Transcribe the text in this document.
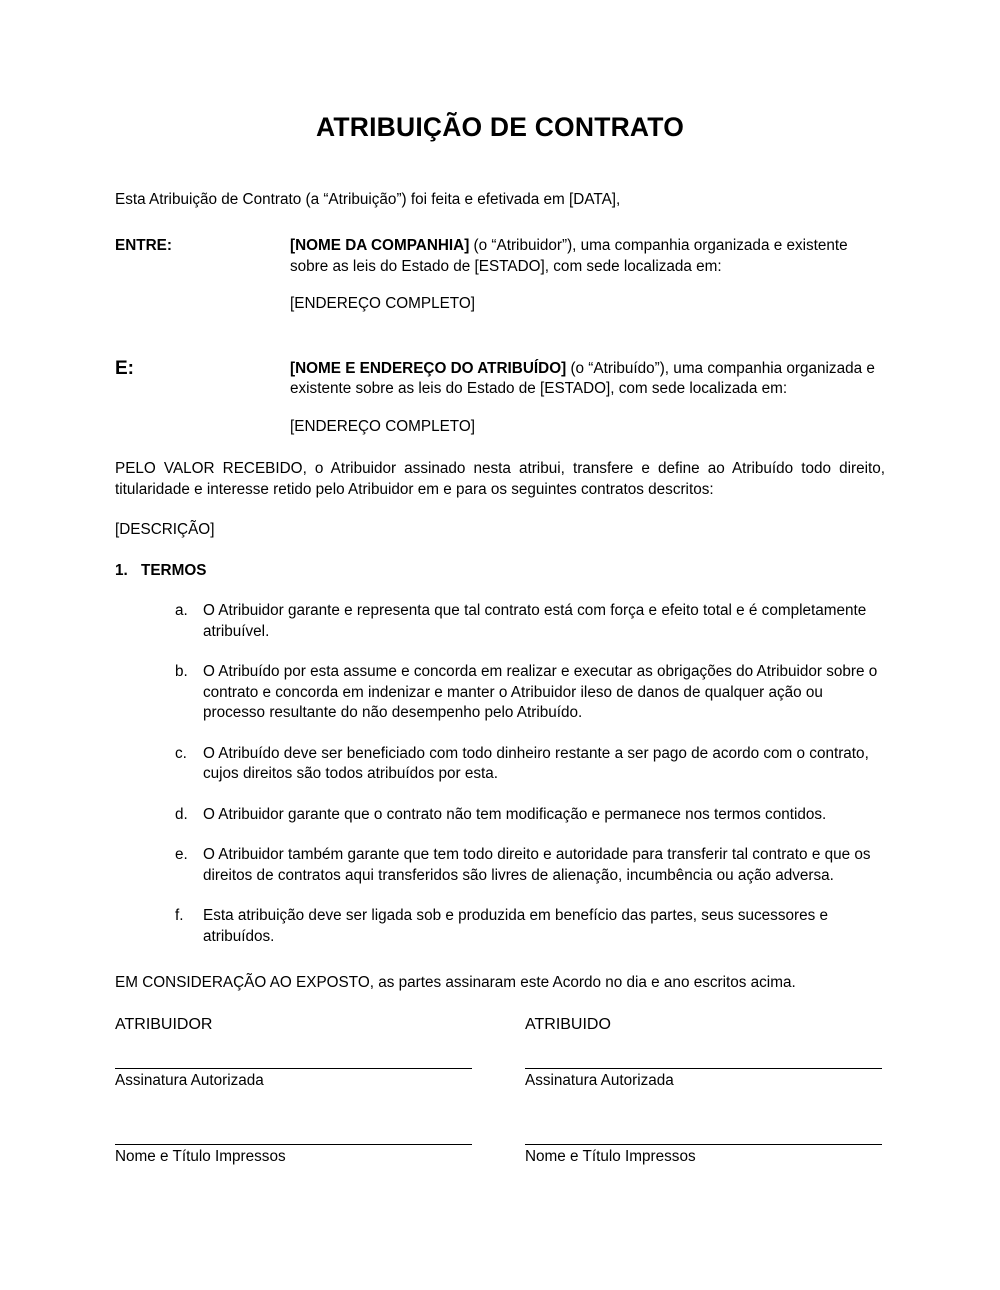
ATRIBUIÇÃO DE CONTRATO
Esta Atribuição de Contrato (a “Atribuição”) foi feita e efetivada em [DATA],
ENTRE:	[NOME DA COMPANHIA] (o “Atribuidor”), uma companhia organizada e existente sobre as leis do Estado de [ESTADO], com sede localizada em:
[ENDEREÇO COMPLETO]
E:	[NOME E ENDEREÇO DO ATRIBUÍDO] (o “Atribuído”), uma companhia organizada e existente sobre as leis do Estado de [ESTADO], com sede localizada em:
[ENDEREÇO COMPLETO]
PELO VALOR RECEBIDO, o Atribuidor assinado nesta atribui, transfere e define ao Atribuído todo direito, titularidade e interesse retido pelo Atribuidor em e para os seguintes contratos descritos:
[DESCRIÇÃO]
1. TERMOS
a. O Atribuidor garante e representa que tal contrato está com força e efeito total e é completamente atribuível.
b. O Atribuído por esta assume e concorda em realizar e executar as obrigações do Atribuidor sobre o contrato e concorda em indenizar e manter o Atribuidor ileso de danos de qualquer ação ou processo resultante do não desempenho pelo Atribuído.
c.	O Atribuído deve ser beneficiado com todo dinheiro restante a ser pago de acordo com o contrato, cujos direitos são todos atribuídos por esta.
d. O Atribuidor garante que o contrato não tem modificação e permanece nos termos contidos.
e. O Atribuidor também garante que tem todo direito e autoridade para transferir tal contrato e que os direitos de contratos aqui transferidos são livres de alienação, incumbência ou ação adversa.
f.	Esta atribuição deve ser ligada sob e produzida em benefício das partes, seus sucessores e atribuídos.
EM CONSIDERAÇÃO AO EXPOSTO, as partes assinaram este Acordo no dia e ano escritos acima.
ATRIBUIDOR	ATRIBUIDO
Assinatura Autorizada	Assinatura Autorizada
Nome e Título Impressos	Nome e Título Impressos
